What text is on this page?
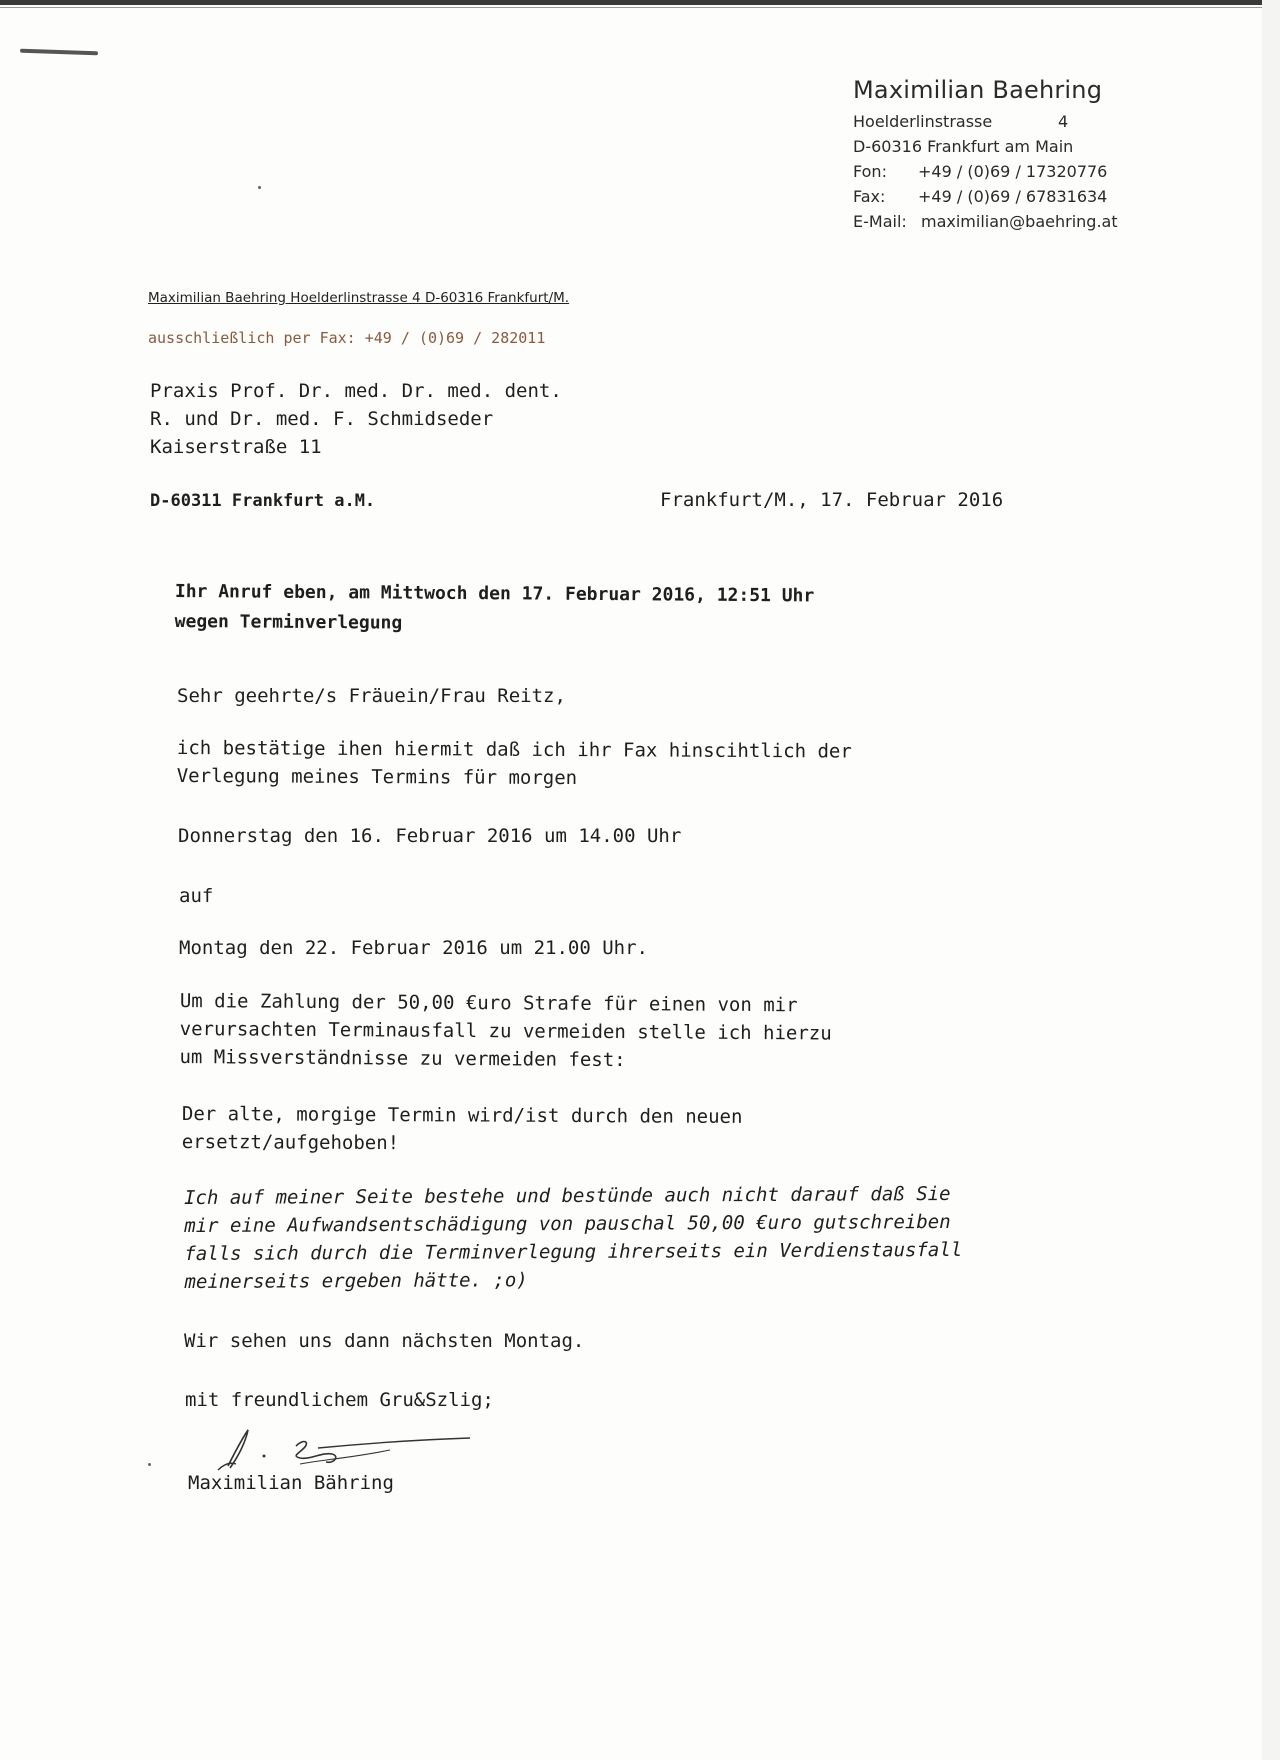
Maximilian Baehring
Hoelderlinstrasse	4
D-60316 Frankfurt am Main
Fon: +49 / (0)69 / 17320776
Fax: +49 / (0)69 / 67831634
E-Mail: maximilian@baehring.at
Maximilian Baehring Hoelderlinstrasse 4 D-60316 Frankfurt/M.
ausschließlich per Fax: +49 / (0)69 / 282011
Praxis Prof. Dr. med. Dr. med. dent.
R. und Dr. med. F. Schmidseder
Kaiserstraße 11
D-60311 Frankfurt a.M.	Frankfurt/M., 17. Februar 2016
Ihr Anruf eben, am Mittwoch den 17. Februar 2016, 12:51 Uhr
wegen Terminverlegung
Sehr geehrte/s Fräuein/Frau Reitz,
ich bestätige ihen hiermit daß ich ihr Fax hinscihtlich der
Verlegung meines Termins für morgen
Donnerstag den 16. Februar 2016 um 14.00 Uhr
auf
Montag den 22. Februar 2016 um 21.00 Uhr.
Um die Zahlung der 50,00 €uro Strafe für einen von mir
verursachten Terminausfall zu vermeiden stelle ich hierzu
um Missverständnisse zu vermeiden fest:
Der alte, morgige Termin wird/ist durch den neuen
ersetzt/aufgehoben!
Ich auf meiner Seite bestehe und bestünde auch nicht darauf daß Sie
mir eine Aufwandsentschädigung von pauschal 50,00 €uro gutschreiben
falls sich durch die Terminverlegung ihrerseits ein Verdienstausfall
meinerseits ergeben hätte. ;o)
Wir sehen uns dann nächsten Montag.
mit freundlichem Gru&Szlig;
Maximilian Bähring
